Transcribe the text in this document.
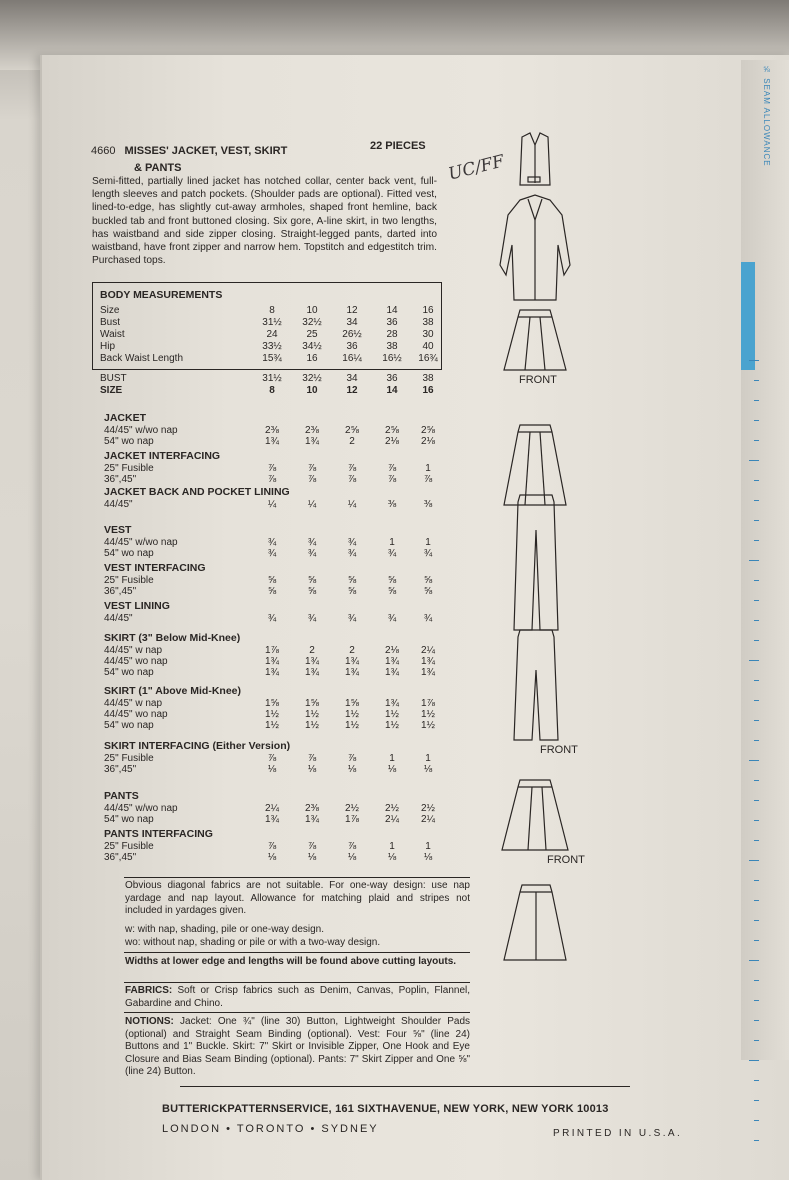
⅝ SEAM ALLOWANCE
4660 MISSES' JACKET, VEST, SKIRT
& PANTS
22 PIECES
Semi-fitted, partially lined jacket has notched collar, center back vent, full-length sleeves and patch pockets. (Shoulder pads are optional). Fitted vest, lined-to-edge, has slightly cut-away armholes, shaped front hemline, back buckled tab and front buttoned closing. Six gore, A-line skirt, in two lengths, has waistband and side zipper closing. Straight-legged pants, darted into waistband, have front zipper and narrow hem. Topstitch and edgestitch trim. Purchased tops.
UC/FF
BODY MEASUREMENTS
Size	8	10	12	14	16
Bust	31½	32½	34	36	38
Waist	24	25	26½	28	30
Hip	33½	34½	36	38	40
Back Waist Length	15¾	16	16¼	16½	16¾
BUST	31½	32½	34	36	38
SIZE	8	10	12	14	16
JACKET
44/45" w/wo nap	2⅜	2⅜	2⅝	2⅝	2⅝
54" wo nap	1¾	1¾	2	2⅛	2⅛
JACKET INTERFACING
25" Fusible	⅞	⅞	⅞	⅞	1
36",45"	⅞	⅞	⅞	⅞	⅞
JACKET BACK AND POCKET LINING
44/45"	¼	¼	¼	⅜	⅜
VEST
44/45" w/wo nap	¾	¾	¾	1	1
54" wo nap	¾	¾	¾	¾	¾
VEST INTERFACING
25" Fusible	⅝	⅝	⅝	⅝	⅝
36",45"	⅝	⅝	⅝	⅝	⅝
VEST LINING
44/45"	¾	¾	¾	¾	¾
SKIRT (3" Below Mid-Knee)
44/45" w nap	1⅞	2	2	2⅛	2¼
44/45" wo nap	1¾	1¾	1¾	1¾	1¾
54" wo nap	1¾	1¾	1¾	1¾	1¾
SKIRT (1" Above Mid-Knee)
44/45" w nap	1⅝	1⅝	1⅝	1¾	1⅞
44/45" wo nap	1½	1½	1½	1½	1½
54" wo nap	1½	1½	1½	1½	1½
SKIRT INTERFACING (Either Version)
25" Fusible	⅞	⅞	⅞	1	1
36",45"	⅛	⅛	⅛	⅛	⅛
PANTS
44/45" w/wo nap	2¼	2⅜	2½	2½	2½
54" wo nap	1¾	1¾	1⅞	2¼	2¼
PANTS INTERFACING
25" Fusible	⅞	⅞	⅞	1	1
36",45"	⅛	⅛	⅛	⅛	⅛
Obvious diagonal fabrics are not suitable. For one-way design: use nap yardage and nap layout. Allowance for matching plaid and stripes not included in yardages given.
w: with nap, shading, pile or one-way design.
wo: without nap, shading or pile or with a two-way design.
Widths at lower edge and lengths will be found above cutting layouts.
FABRICS: Soft or Crisp fabrics such as Denim, Canvas, Poplin, Flannel, Gabardine and Chino.
NOTIONS: Jacket: One ¾" (line 30) Button, Lightweight Shoulder Pads (optional) and Straight Seam Binding (optional). Vest: Four ⅝" (line 24) Buttons and 1" Buckle. Skirt: 7" Skirt or Invisible Zipper, One Hook and Eye Closure and Bias Seam Binding (optional). Pants: 7" Skirt Zipper and One ⅝" (line 24) Button.
BUTTERICKPATTERNSERVICE, 161 SIXTHAVENUE, NEW YORK, NEW YORK 10013
LONDON • TORONTO • SYDNEY	PRINTED IN U.S.A.
FRONT
FRONT
FRONT
